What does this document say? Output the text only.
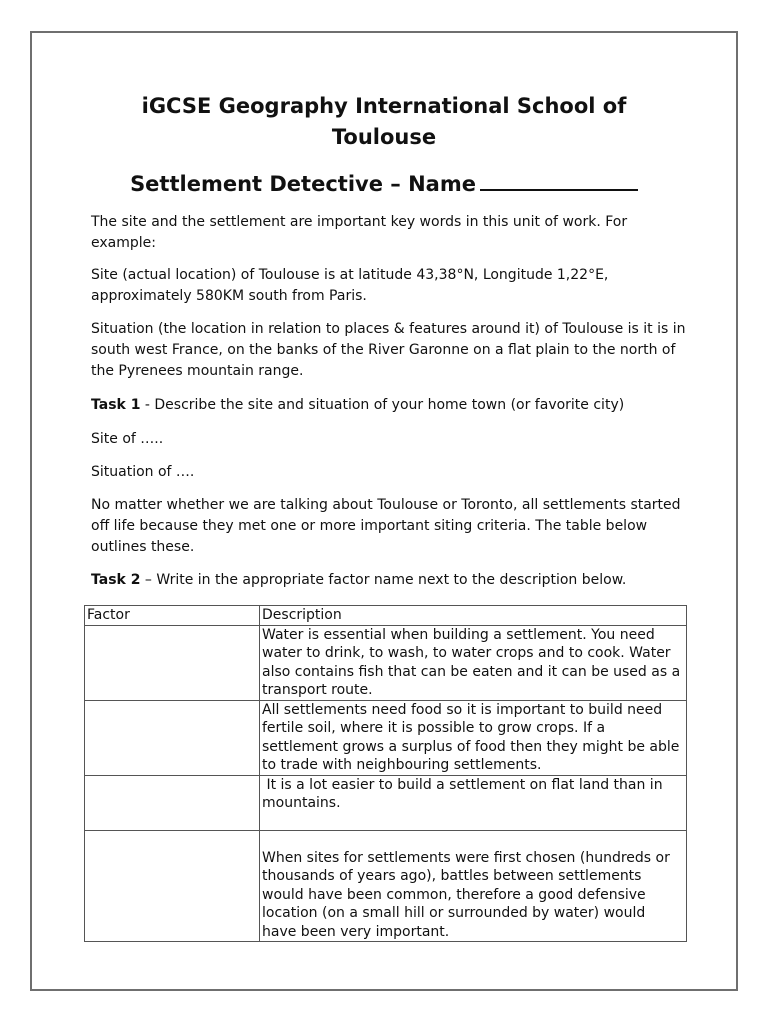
iGCSE Geography International School of
Toulouse
Settlement Detective – Name

The site and the settlement are important key words in this unit of work. For example:

Site (actual location) of Toulouse is at latitude 43,38°N, Longitude 1,22°E, approximately 580KM south from Paris.

Situation (the location in relation to places & features around it) of Toulouse is it is in south west France, on the banks of the River Garonne on a flat plain to the north of the Pyrenees mountain range.

Task 1 - Describe the site and situation of your home town (or favorite city)

Site of …..

Situation of ….

No matter whether we are talking about Toulouse or Toronto, all settlements started off life because they met one or more important siting criteria. The table below outlines these.

Task 2 – Write in the appropriate factor name next to the description below.

Factor	Description
	Water is essential when building a settlement. You need water to drink, to wash, to water crops and to cook. Water also contains fish that can be eaten and it can be used as a transport route.
	All settlements need food so it is important to build need fertile soil, where it is possible to grow crops. If a settlement grows a surplus of food then they might be able to trade with neighbouring settlements.
	It is a lot easier to build a settlement on flat land than in mountains.
	When sites for settlements were first chosen (hundreds or thousands of years ago), battles between settlements would have been common, therefore a good defensive location (on a small hill or surrounded by water) would have been very important.
